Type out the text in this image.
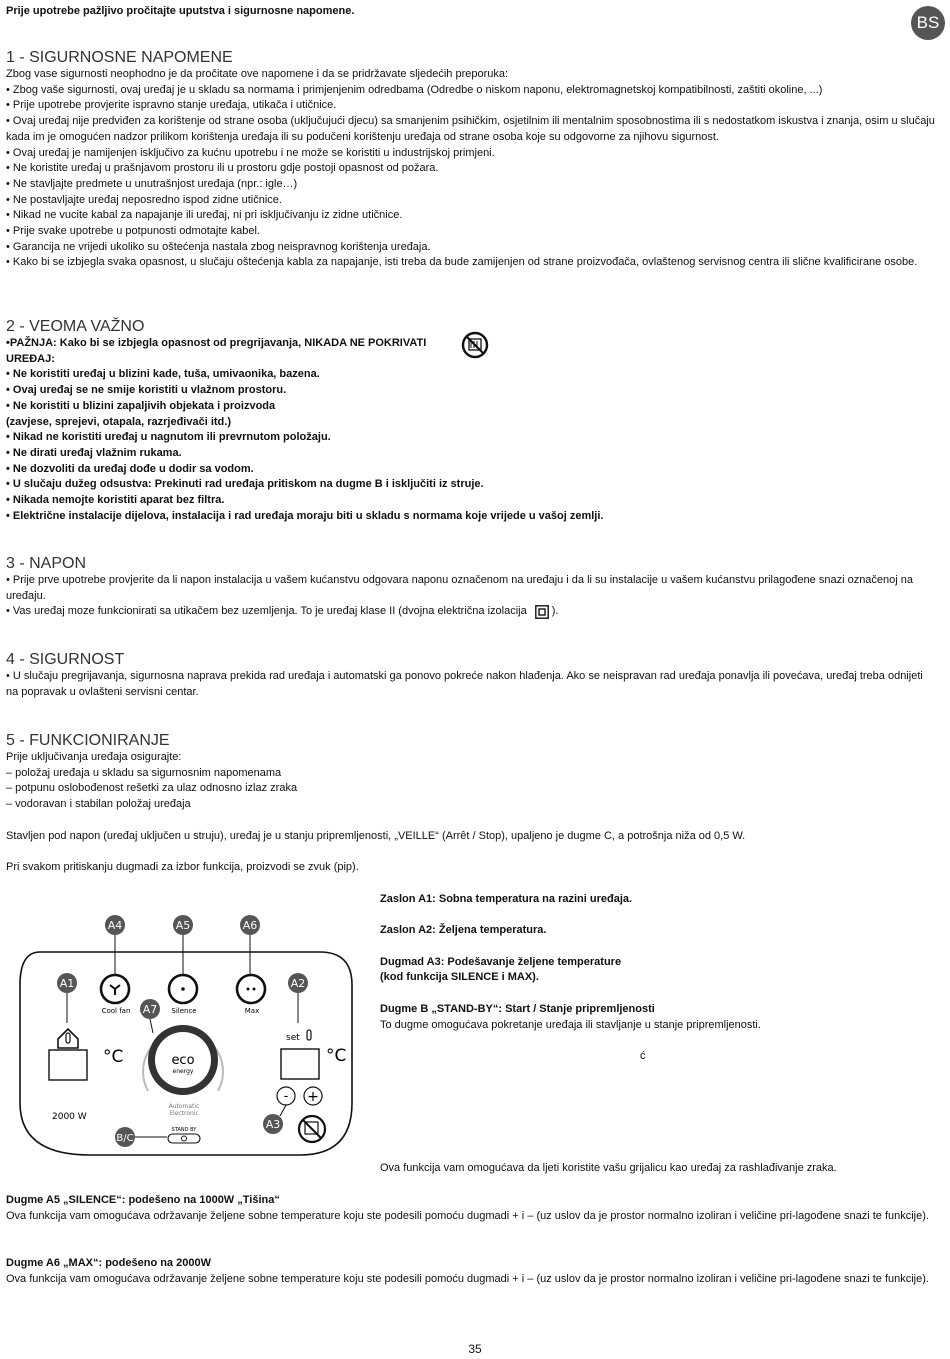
Prije upotrebe pažljivo pročitajte uputstva i sigurnosne napomene.
BS
1 - SIGURNOSNE NAPOMENE

Zbog vase sigurnosti neophodno je da pročitate ove napomene i da se pridržavate sljedećih preporuka:

• Zbog vaše sigurnosti, ovaj uređaj je u skladu sa normama i primjenjenim odredbama (Odredbe o niskom naponu, elektromagnetskoj kompatibilnosti, zaštiti okoline, ...)

• Prije upotrebe provjerite ispravno stanje uređaja, utikača i utičnice.

• Ovaj uređaj nije predviđen za korištenje od strane osoba (uključujući djecu) sa smanjenim psihičkim, osjetilnim ili mentalnim sposobnostima ili s nedostatkom iskustva i znanja, osim u slučaju kada im je omogućen nadzor prilikom korištenja uređaja ili su podučeni korištenju uređaja od strane osoba koje su odgovorne za njihovu sigurnost.

• Ovaj uređaj je namijenjen isključivo za kućnu upotrebu i ne može se koristiti u industrijskoj primjeni.

• Ne koristite uređaj u prašnjavom prostoru ili u prostoru gdje postoji opasnost od požara.

• Ne stavljajte predmete u unutrašnjost uređaja (npr.: igle…)

• Ne postavljajte uređaj neposredno ispod zidne utičnice.

• Nikad ne vucite kabal za napajanje ili uređaj, ni pri isključivanju iz zidne utičnice.

• Prije svake upotrebe u potpunosti odmotajte kabel.

• Garancija ne vrijedi ukoliko su oštećenja nastala zbog neispravnog korištenja uređaja.

• Kako bi se izbjegla svaka opasnost, u slučaju oštećenja kabla za napajanje, isti treba da bude zamijenjen od strane proizvođača, ovlaštenog servisnog centra ili slične kvalificirane osobe.

2 - VEOMA VAŽNO

•PAŽNJA: Kako bi se izbjegla opasnost od pregrijavanja, NIKADA NE POKRIVATI

UREĐAJ:

• Ne koristiti uređaj u blizini kade, tuša, umivaonika, bazena.

• Ovaj uređaj se ne smije koristiti u vlažnom prostoru.

• Ne koristiti u blizini zapaljivih objekata i proizvoda

(zavjese, sprejevi, otapala, razrjeđivači itd.)

• Nikad ne koristiti uređaj u nagnutom ili prevrnutom položaju.

• Ne dirati uređaj vlažnim rukama.

• Ne dozvoliti da uređaj dođe u dodir sa vodom.

• U slučaju dužeg odsustva: Prekinuti rad uređaja pritiskom na dugme B i isključiti iz struje.

• Nikada nemojte koristiti aparat bez filtra.

• Električne instalacije dijelova, instalacija i rad uređaja moraju biti u skladu s normama koje vrijede u vašoj zemlji.

3 - NAPON

• Prije prve upotrebe provjerite da li napon instalacija u vašem kućanstvu odgovara naponu označenom na uređaju i da li su instalacije u vašem kućanstvu prilagođene snazi označenoj na uređaju.

• Vas uređaj moze funkcionirati sa utikačem bez uzemljenja. To je uređaj klase II (dvojna električna izolacija ).

4 - SIGURNOST

• U slučaju pregrijavanja, sigurnosna naprava prekida rad uređaja i automatski ga ponovo pokreće nakon hlađenja. Ako se neispravan rad uređaja ponavlja ili povećava, uređaj treba odnijeti na popravak u ovlašteni servisni centar.

5 - FUNKCIONIRANJE

Prije uključivanja uređaja osigurajte:

– položaj uređaja u skladu sa sigurnosnim napomenama

– potpunu oslobođenost rešetki za ulaz odnosno izlaz zraka

– vodoravan i stabilan položaj uređaja

Stavljen pod napon (uređaj uključen u struju), uređaj je u stanju pripremljenosti, „VEILLE“ (Arrêt / Stop), upaljeno je dugme C, a potrošnja niža od 0,5 W.

Pri svakom pritiskanju dugmadi za izbor funkcija, proizvodi se zvuk (pip).

A4	A5	A6
Cool fan	Silence	Max
A1	A2
°C
set
°C
eco
energy
Automatic
Electronic
A7
2000 W
STAND BY
B/C
- +
A3

Zaslon A1: Sobna temperatura na razini uređaja.

Zaslon A2: Željena temperatura.

Dugmad A3: Podešavanje željene temperature

(kod funkcija SILENCE i MAX).

Dugme B „STAND-BY“: Start / Stanje pripremljenosti

To dugme omogućava pokretanje uređaja ili stavljanje u stanje pripremljenosti.

ć
Ova funkcija vam omogućava da ljeti koristite vašu grijalicu kao uređaj za rashlađivanje zraka.

Dugme A5 „SILENCE“: podešeno na 1000W „Tišina“

Ova funkcija vam omogućava održavanje željene sobne temperature koju ste podesili pomoću dugmadi + i – (uz uslov da je prostor normalno izoliran i veličine pri-lagođene snazi te funkcije).

Dugme A6 „MAX“: podešeno na 2000W

Ova funkcija vam omogućava održavanje željene sobne temperature koju ste podesili pomoću dugmadi + i – (uz uslov da je prostor normalno izoliran i veličine pri-lagođene snazi te funkcije).

35
